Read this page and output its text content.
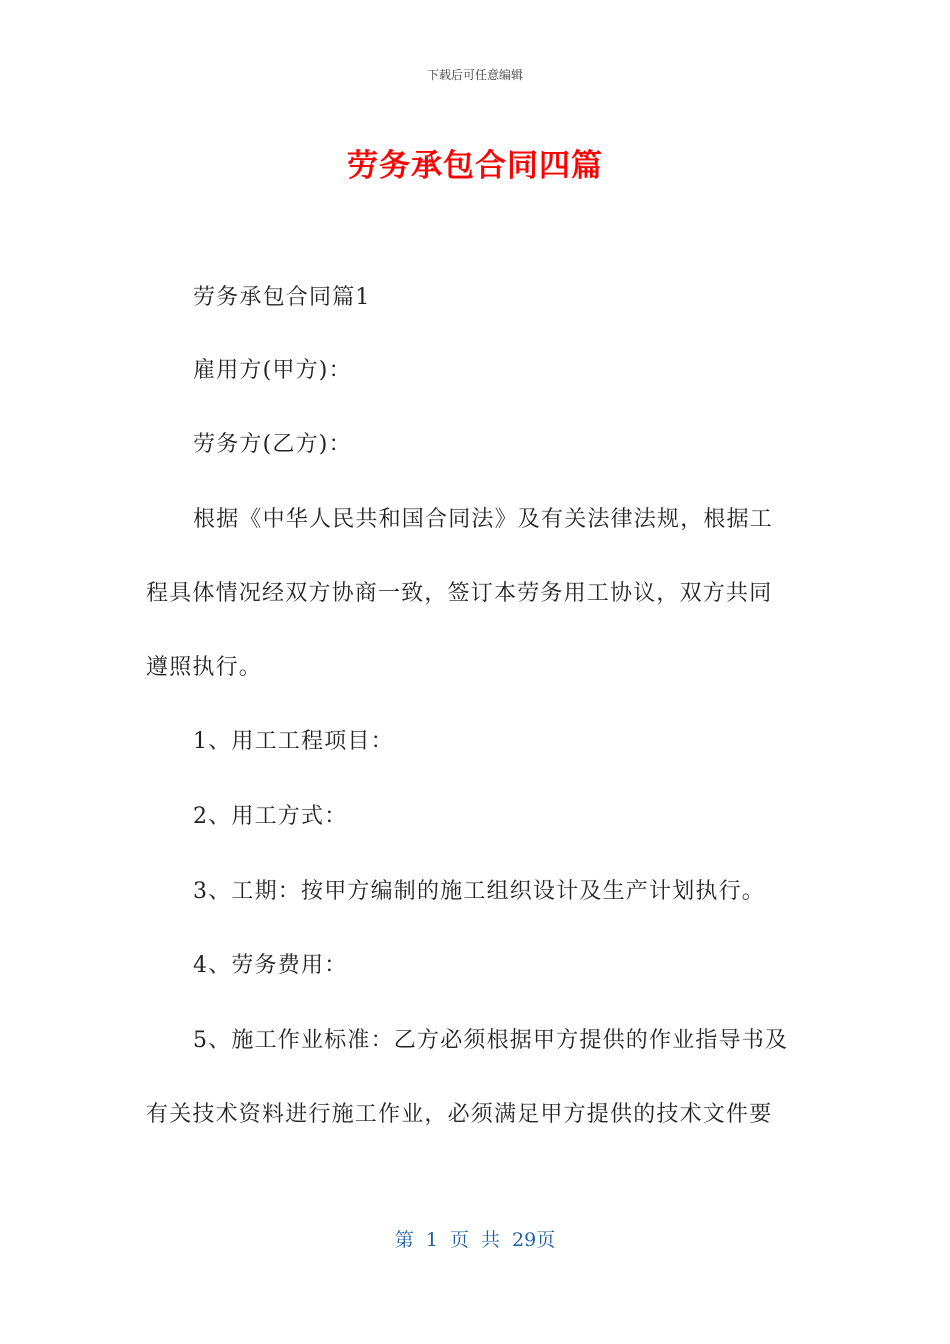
下载后可任意编辑
劳务承包合同四篇
劳务承包合同篇1
雇用方(甲方)：
劳务方(乙方)：
根据《中华人民共和国合同法》及有关法律法规，根据工
程具体情况经双方协商一致，签订本劳务用工协议，双方共同
遵照执行。
1、用工工程项目：
2、用工方式：
3、工期：按甲方编制的施工组织设计及生产计划执行。
4、劳务费用：
5、施工作业标准：乙方必须根据甲方提供的作业指导书及
有关技术资料进行施工作业，必须满足甲方提供的技术文件要
第 1 页 共 29页
